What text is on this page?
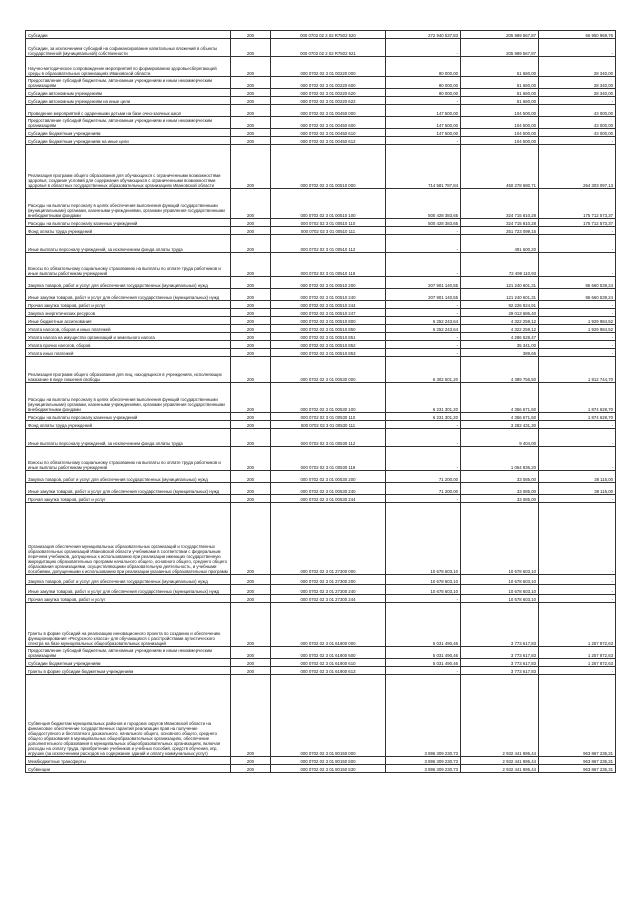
Субсидии	200	000 0702 02 2 02 R7502 520	272 940 537,83	205 989 567,87	66 950 969,76
Субсидии, за исключением субсидий на софинансирование капитальных вложений в объекты государственной (муниципальной) собственности	200	000 0702 02 2 02 R7502 521	-	205 989 567,87	-
Научно-методическое сопровождение мероприятий по формированию здоровьесберегающей среды в образовательных организациях Ивановской области	200	000 0702 02 3 01 00220 000	80 000,00	51 660,00	28 340,00
Предоставление субсидий бюджетным, автономным учреждениям и иным некоммерческим организациям	200	000 0702 02 3 01 00220 600	80 000,00	51 660,00	28 340,00
Субсидии автономным учреждениям	200	000 0702 02 3 01 00220 620	80 000,00	51 660,00	28 340,00
Субсидии автономным учреждениям на иные цели	200	000 0702 02 3 01 00220 622	-	51 660,00	-
Проведение мероприятий с одаренными детьми на базе очно-заочных школ	200	000 0702 02 3 01 00450 000	147 500,00	104 500,00	43 000,00
Предоставление субсидий бюджетным, автономным учреждениям и иным некоммерческим организациям	200	000 0702 02 3 01 00450 600	147 500,00	104 500,00	43 000,00
Субсидии бюджетным учреждениям	200	000 0702 02 3 01 00450 610	147 500,00	104 500,00	43 000,00
Субсидии бюджетным учреждениям на иные цели	200	000 0702 02 3 01 00450 612	-	104 500,00	-
Реализация программ общего образования для обучающихся с ограниченными возможностями здоровья, создание условий для содержания обучающихся с ограниченными возможностями здоровья в областных государственных образовательных организациях Ивановской области	200	000 0702 02 3 01 00510 000	714 581 787,84	450 278 680,71	264 303 097,13
Расходы на выплаты персоналу в целях обеспечения выполнения функций государственными (муниципальными) органами, казенными учреждениями, органами управления государственными внебюджетными фондами	200	000 0702 02 3 01 00510 100	500 428 383,65	324 715 810,28	175 712 573,37
Расходы на выплаты персоналу казенных учреждений	200	000 0702 02 3 01 00510 110	500 428 383,65	324 715 810,28	175 712 573,37
Фонд оплаты труда учреждений	200	000 0702 02 3 01 00510 111	-	251 723 099,15	-
Иные выплаты персоналу учреждений, за исключением фонда оплаты труда	200	000 0702 02 3 01 00510 112	-	491 600,20	-
Взносы по обязательному социальному страхованию на выплаты по оплате труда работников и иные выплаты работникам учреждений	200	000 0702 02 3 01 00510 119	-	72 499 110,93	-
Закупка товаров, работ и услуг для обеспечения государственных (муниципальных) нужд	200	000 0702 02 3 01 00510 200	207 901 140,55	121 240 601,31	86 660 539,24
Иные закупки товаров, работ и услуг для обеспечения государственных (муниципальных) нужд	200	000 0702 02 3 01 00510 240	207 901 140,55	121 240 601,31	86 660 539,24
Прочая закупка товаров, работ и услуг	200	000 0702 02 3 01 00510 244	-	92 226 924,91	-
Закупка энергетических ресурсов	200	000 0702 02 3 01 00510 247	-	29 013 686,40	-
Иные бюджетные ассигнования	200	000 0702 02 3 01 00510 800	6 252 243,64	4 322 259,12	1 929 984,52
Уплата налогов, сборов и иных платежей	200	000 0702 02 3 01 00510 850	6 252 243,64	4 322 259,12	1 929 984,52
Уплата налога на имущество организаций и земельного налога	200	000 0702 02 3 01 00510 851	-	4 286 528,47	-
Уплата прочих налогов, сборов	200	000 0702 02 3 01 00510 852	-	35 341,00	-
Уплата иных платежей	200	000 0702 02 3 01 00510 853	-	389,65	-
Реализация программ общего образования для лиц, находящихся в учреждениях, исполняющих наказание в виде лишения свободы	200	000 0702 02 3 01 00530 000	6 302 501,20	4 389 756,50	1 912 744,70
Расходы на выплаты персоналу в целях обеспечения выполнения функций государственными (муниципальными) органами, казенными учреждениями, органами управления государственными внебюджетными фондами	200	000 0702 02 3 01 00530 100	6 231 301,20	4 356 671,50	1 874 629,70
Расходы на выплаты персоналу казенных учреждений	200	000 0702 02 3 01 00530 110	6 231 301,20	4 356 671,50	1 874 629,70
Фонд оплаты труда учреждений	200	000 0702 02 3 01 00530 111	-	3 282 431,30	-
Иные выплаты персоналу учреждений, за исключением фонда оплаты труда	200	000 0702 02 3 01 00530 112	-	9 404,00	-
Взносы по обязательному социальному страхованию на выплаты по оплате труда работников и иные выплаты работникам учреждений	200	000 0702 02 3 01 00530 119	-	1 064 836,20	-
Закупка товаров, работ и услуг для обеспечения государственных (муниципальных) нужд	200	000 0702 02 3 01 00530 200	71 200,00	33 085,00	38 115,00
Иные закупки товаров, работ и услуг для обеспечения государственных (муниципальных) нужд	200	000 0702 02 3 01 00530 240	71 200,00	33 085,00	38 115,00
Прочая закупка товаров, работ и услуг	200	000 0702 02 3 01 00530 244	-	33 085,00	-
Организация обеспечения муниципальных образовательных организаций и государственных образовательных организаций Ивановской области учебниками в соответствии с федеральным перечнем учебников, допущенных к использованию при реализации имеющих государственную аккредитацию образовательных программ начального общего, основного общего, среднего общего образования организациями, осуществляющими образовательную деятельность, и учебными пособиями, допущенными к использованию при реализации указанных образовательных программ	200	000 0702 02 3 01 27300 000	10 678 603,10	10 678 603,10	-
Закупка товаров, работ и услуг для обеспечения государственных (муниципальных) нужд	200	000 0702 02 3 01 27300 200	10 678 603,10	10 678 603,10	-
Иные закупки товаров, работ и услуг для обеспечения государственных (муниципальных) нужд	200	000 0702 02 3 01 27300 240	10 678 603,10	10 678 603,10	-
Прочая закупка товаров, работ и услуг	200	000 0702 02 3 01 27300 244	-	10 678 603,10	-
Гранты в форме субсидий на реализацию инновационного проекта по созданию и обеспечению функционирования «Ресурсного класса» для обучающихся с расстройствами аутистического спектра на базе муниципальных общеобразовательных организаций	200	000 0702 02 3 01 61900 000	5 031 490,46	3 773 617,83	1 257 872,63
Предоставление субсидий бюджетным, автономным учреждениям и иным некоммерческим организациям	200	000 0702 02 3 01 61900 600	5 031 490,46	3 773 617,83	1 257 872,63
Субсидии бюджетным учреждениям	200	000 0702 02 3 01 61900 610	5 031 490,46	3 773 617,83	1 257 872,63
Гранты в форме субсидии бюджетным учреждениям	200	000 0702 02 3 01 61900 613	-	3 773 617,83	-
Субвенция бюджетам муниципальных районов и городских округов Ивановской области на финансовое обеспечение государственных гарантий реализации прав на получение общедоступного и бесплатного дошкольного, начального общего, основного общего, среднего общего образования в муниципальных общеобразовательных организациях, обеспечение дополнительного образования в муниципальных общеобразовательных организациях, включая расходы на оплату труда, приобретение учебников и учебных пособий, средств обучения, игр, игрушек (за исключением расходов на содержание зданий и оплату коммунальных услуг)	200	000 0702 02 3 01 80150 000	3 896 309 230,73	2 932 441 995,44	963 867 235,31
Межбюджетные трансферты	200	000 0702 02 3 01 80150 500	3 896 309 230,73	2 932 441 995,44	963 867 235,31
Субвенции	200	000 0702 02 3 01 80150 530	3 896 309 230,73	2 932 441 995,44	963 867 235,31
